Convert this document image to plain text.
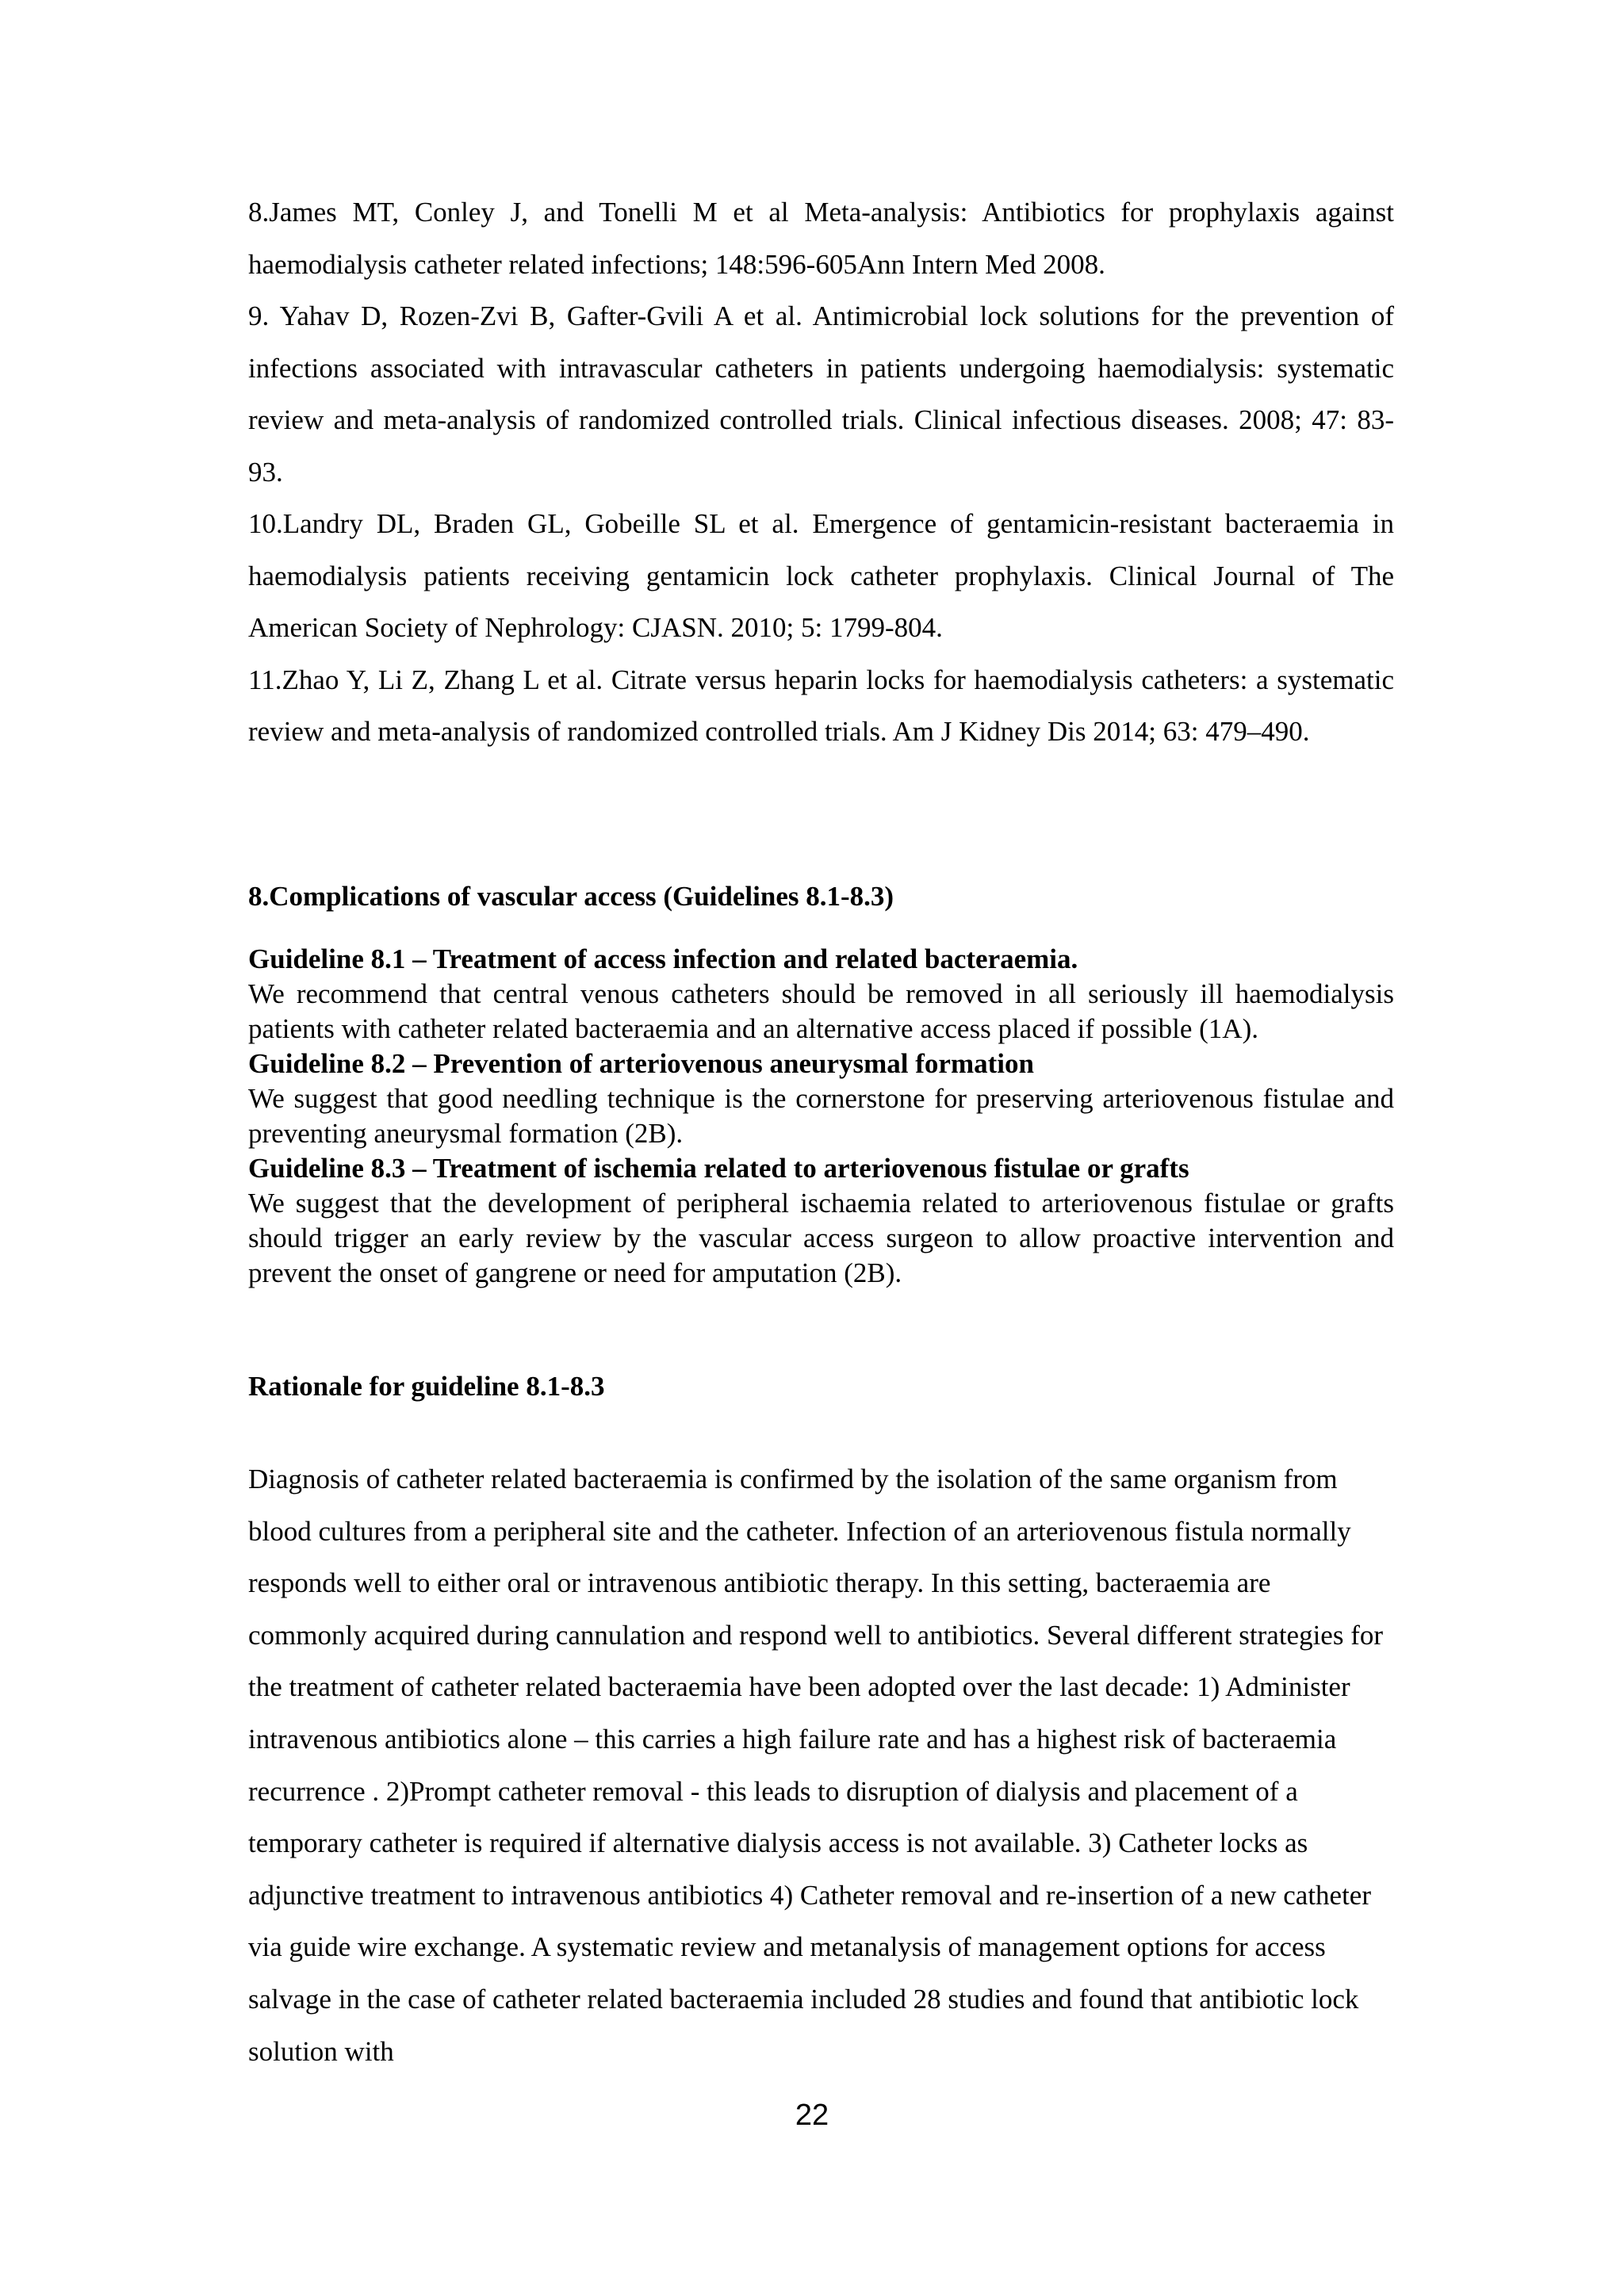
8.James MT, Conley J, and Tonelli M et al Meta-analysis: Antibiotics for prophylaxis against haemodialysis catheter related infections; 148:596-605Ann Intern Med 2008.

9. Yahav D, Rozen-Zvi B, Gafter-Gvili A et al. Antimicrobial lock solutions for the prevention of infections associated with intravascular catheters in patients undergoing haemodialysis: systematic review and meta-analysis of randomized controlled trials. Clinical infectious diseases. 2008; 47: 83-93.

10.Landry DL, Braden GL, Gobeille SL et al. Emergence of gentamicin-resistant bacteraemia in haemodialysis patients receiving gentamicin lock catheter prophylaxis. Clinical Journal of The American Society of Nephrology: CJASN. 2010; 5: 1799-804.

11.Zhao Y, Li Z, Zhang L et al. Citrate versus heparin locks for haemodialysis catheters: a systematic review and meta-analysis of randomized controlled trials. Am J Kidney Dis 2014; 63: 479–490.

8.Complications of vascular access (Guidelines 8.1-8.3)

Guideline 8.1 – Treatment of access infection and related bacteraemia.

We recommend that central venous catheters should be removed in all seriously ill haemodialysis patients with catheter related bacteraemia and an alternative access placed if possible (1A).

Guideline 8.2 – Prevention of arteriovenous aneurysmal formation

We suggest that good needling technique is the cornerstone for preserving arteriovenous fistulae and preventing aneurysmal formation (2B).

Guideline 8.3 – Treatment of ischemia related to arteriovenous fistulae or grafts

We suggest that the development of peripheral ischaemia related to arteriovenous fistulae or grafts should trigger an early review by the vascular access surgeon to allow proactive intervention and prevent the onset of gangrene or need for amputation (2B).

Rationale for guideline 8.1-8.3

Diagnosis of catheter related bacteraemia is confirmed by the isolation of the same organism from blood cultures from a peripheral site and the catheter. Infection of an arteriovenous fistula normally responds well to either oral or intravenous antibiotic therapy. In this setting, bacteraemia are commonly acquired during cannulation and respond well to antibiotics. Several different strategies for the treatment of catheter related bacteraemia have been adopted over the last decade: 1) Administer intravenous antibiotics alone – this carries a high failure rate and has a highest risk of bacteraemia recurrence . 2)Prompt catheter removal - this leads to disruption of dialysis and placement of a temporary catheter is required if alternative dialysis access is not available. 3) Catheter locks as adjunctive treatment to intravenous antibiotics 4) Catheter removal and re-insertion of a new catheter via guide wire exchange. A systematic review and metanalysis of management options for access salvage in the case of catheter related bacteraemia included 28 studies and found that antibiotic lock solution with

22
